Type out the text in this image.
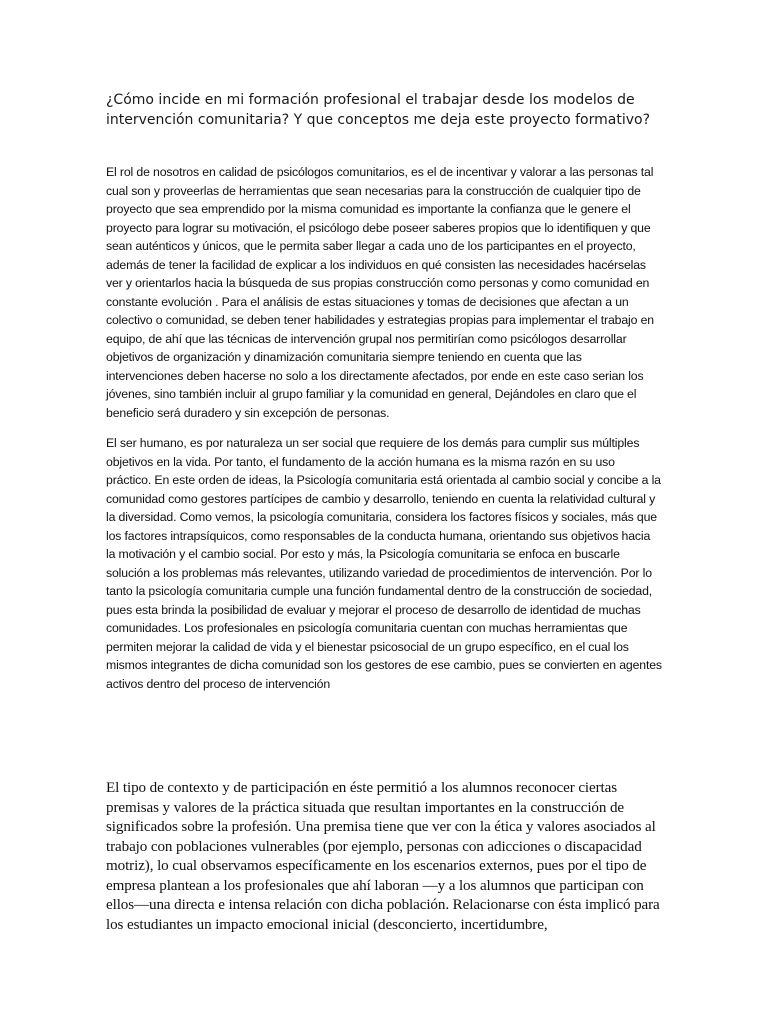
¿Cómo incide en mi formación profesional el trabajar desde los modelos de intervención comunitaria? Y que conceptos me deja este proyecto formativo?

El rol de nosotros en calidad de psicólogos comunitarios, es el de incentivar y valorar a las personas tal cual son y proveerlas de herramientas que sean necesarias para la construcción de cualquier tipo de proyecto que sea emprendido por la misma comunidad es importante la confianza que le genere el proyecto para lograr su motivación, el psicólogo debe poseer saberes propios que lo identifiquen y que sean auténticos y únicos, que le permita saber llegar a cada uno de los participantes en el proyecto, además de tener la facilidad de explicar a los individuos en qué consisten las necesidades hacérselas ver y orientarlos hacia la búsqueda de sus propias construcción como personas y como comunidad en constante evolución . Para el análisis de estas situaciones y tomas de decisiones que afectan a un colectivo o comunidad, se deben tener habilidades y estrategias propias para implementar el trabajo en equipo, de ahí que las técnicas de intervención grupal nos permitirían como psicólogos desarrollar objetivos de organización y dinamización comunitaria siempre teniendo en cuenta que las intervenciones deben hacerse no solo a los directamente afectados, por ende en este caso serian los jóvenes, sino también incluir al grupo familiar y la comunidad en general, Dejándoles en claro que el beneficio será duradero y sin excepción de personas.

El ser humano, es por naturaleza un ser social que requiere de los demás para cumplir sus múltiples objetivos en la vida. Por tanto, el fundamento de la acción humana es la misma razón en su uso práctico. En este orden de ideas, la Psicología comunitaria está orientada al cambio social y concibe a la comunidad como gestores partícipes de cambio y desarrollo, teniendo en cuenta la relatividad cultural y la diversidad. Como vemos, la psicología comunitaria, considera los factores físicos y sociales, más que los factores intrapsíquicos, como responsables de la conducta humana, orientando sus objetivos hacia la motivación y el cambio social. Por esto y más, la Psicología comunitaria se enfoca en buscarle solución a los problemas más relevantes, utilizando variedad de procedimientos de intervención. Por lo tanto la psicología comunitaria cumple una función fundamental dentro de la construcción de sociedad, pues esta brinda la posibilidad de evaluar y mejorar el proceso de desarrollo de identidad de muchas comunidades. Los profesionales en psicología comunitaria cuentan con muchas herramientas que permiten mejorar la calidad de vida y el bienestar psicosocial de un grupo específico, en el cual los mismos integrantes de dicha comunidad son los gestores de ese cambio, pues se convierten en agentes activos dentro del proceso de intervención

El tipo de contexto y de participación en éste permitió a los alumnos reconocer ciertas premisas y valores de la práctica situada que resultan importantes en la construcción de significados sobre la profesión. Una premisa tiene que ver con la ética y valores asociados al trabajo con poblaciones vulnerables (por ejemplo, personas con adicciones o discapacidad motriz), lo cual observamos específicamente en los escenarios externos, pues por el tipo de empresa plantean a los profesionales que ahí laboran —y a los alumnos que participan con ellos—una directa e intensa relación con dicha población. Relacionarse con ésta implicó para los estudiantes un impacto emocional inicial (desconcierto, incertidumbre,
